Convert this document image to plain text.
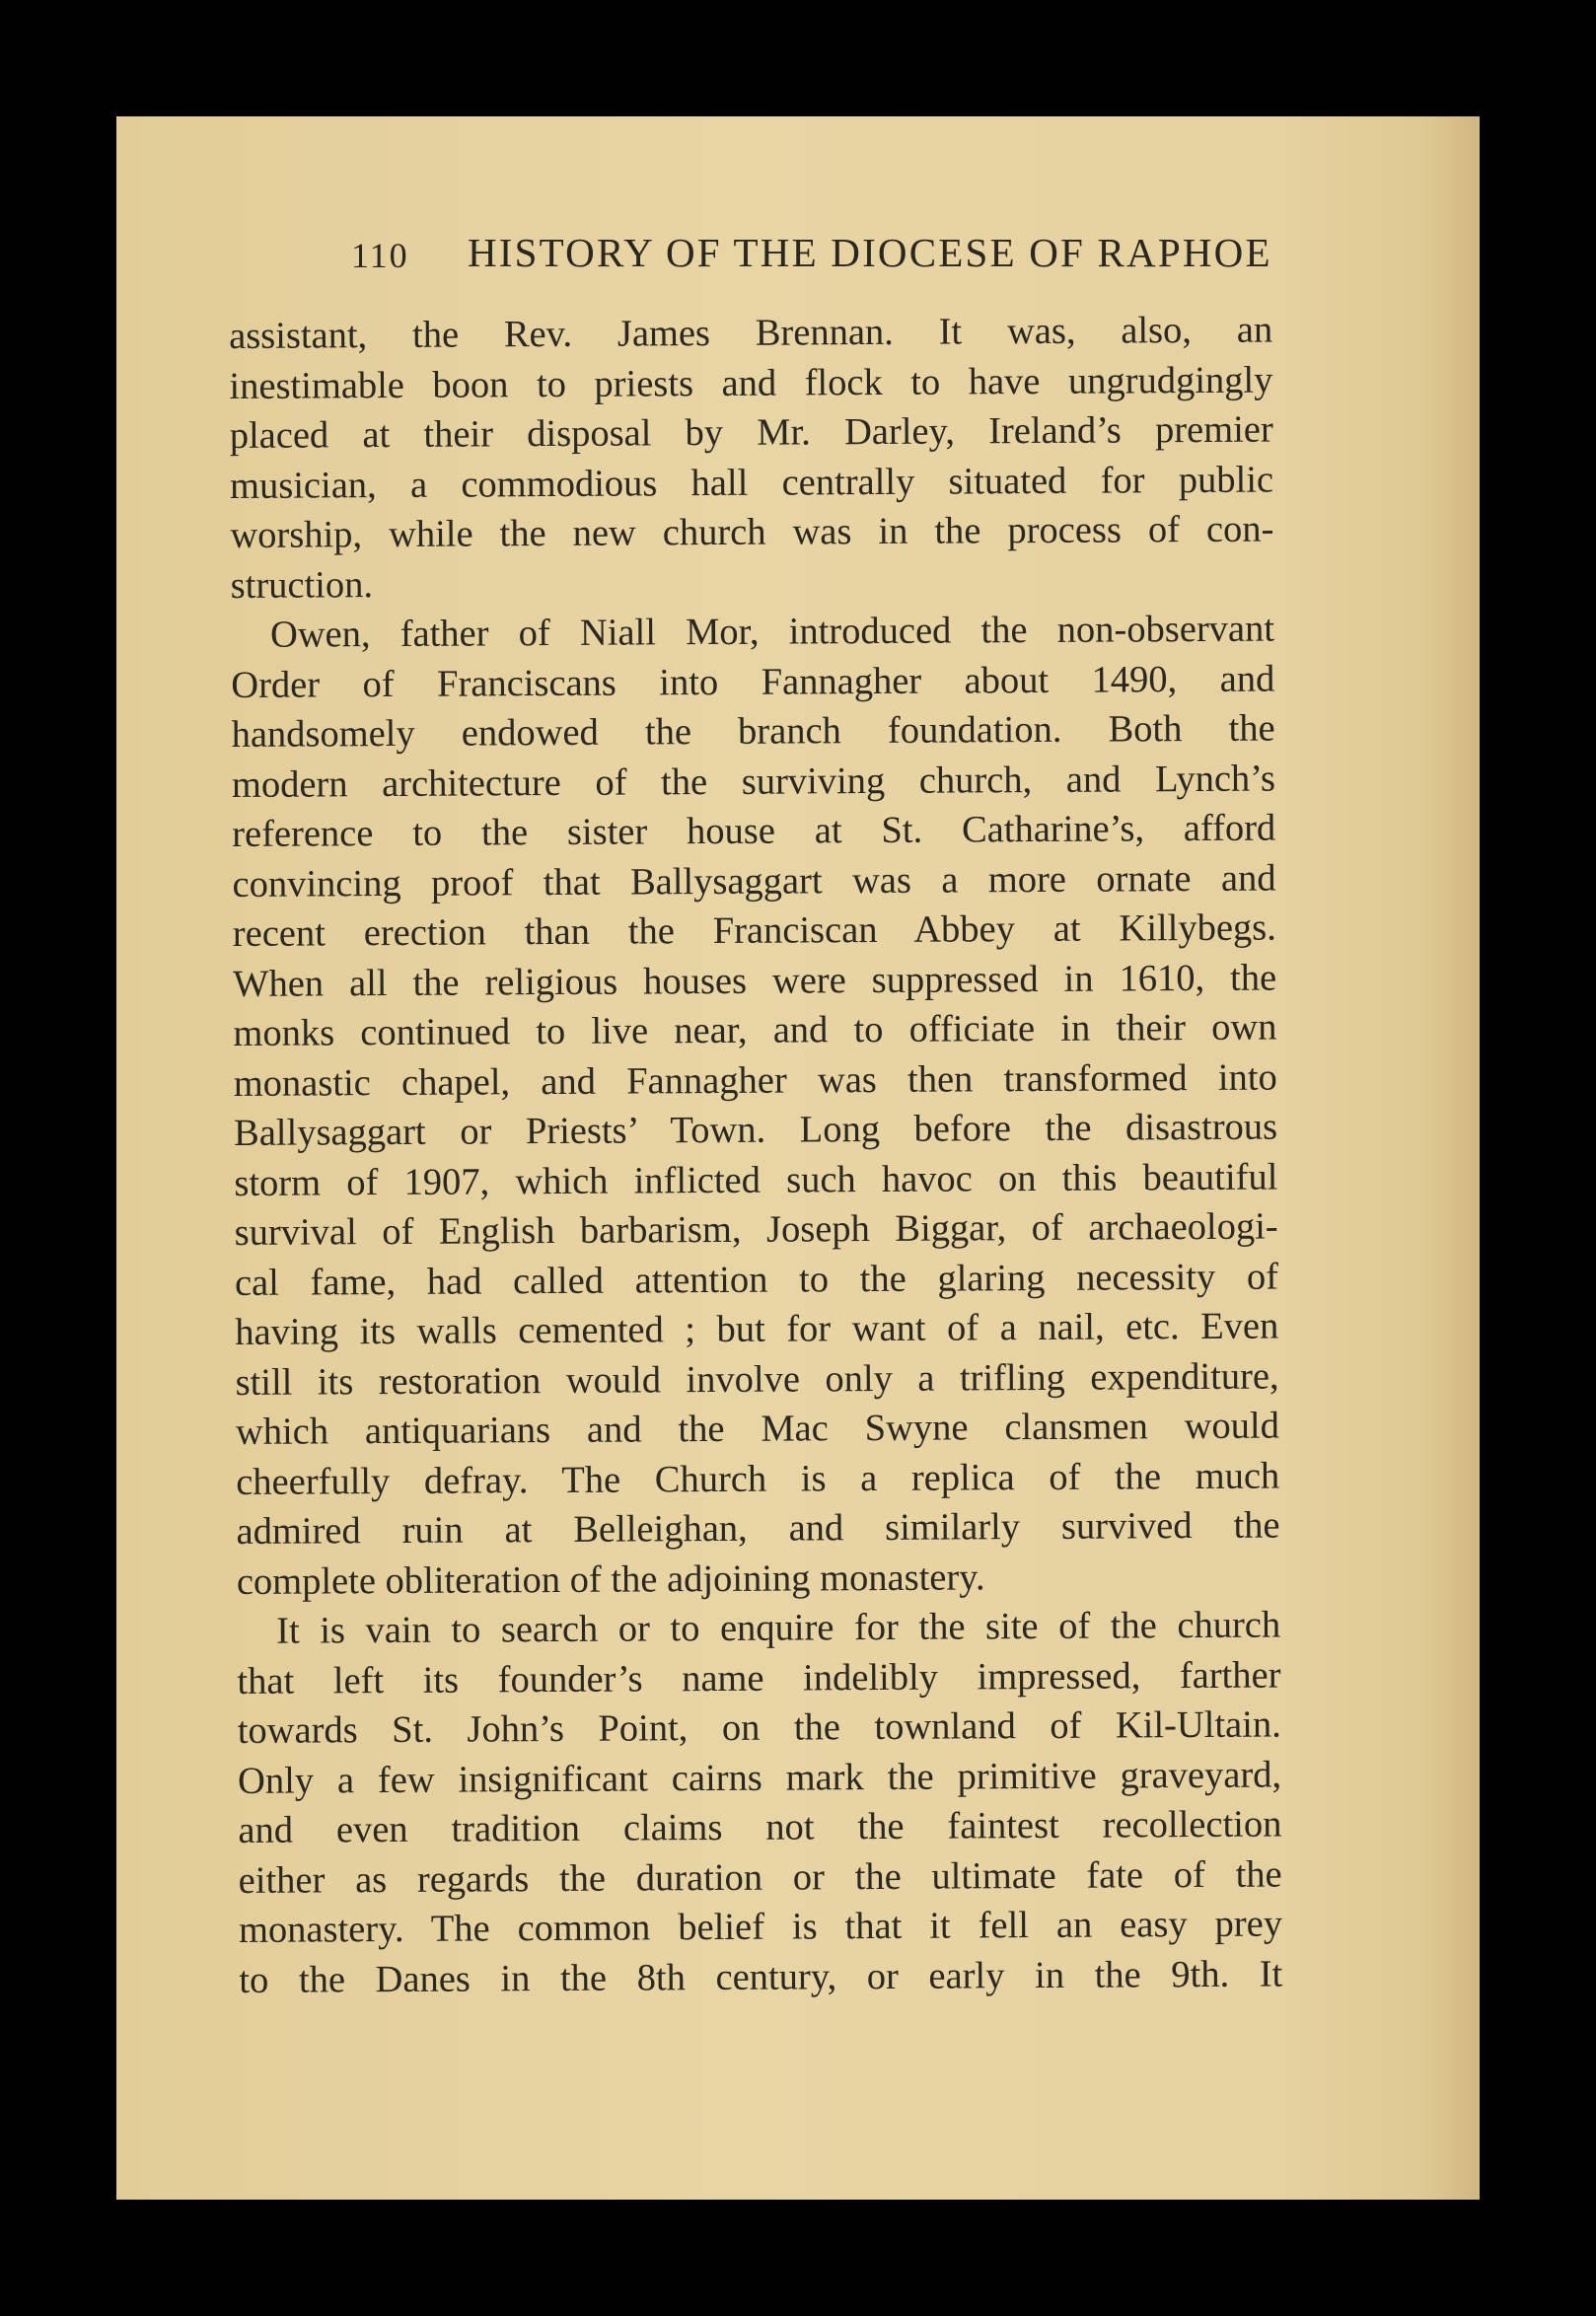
110 HISTORY OF THE DIOCESE OF RAPHOE
assistant, the Rev. James Brennan. It was, also, an
inestimable boon to priests and flock to have ungrudgingly
placed at their disposal by Mr. Darley, Ireland’s premier
musician, a commodious hall centrally situated for public
worship, while the new church was in the process of con-
struction.
Owen, father of Niall Mor, introduced the non-observant
Order of Franciscans into Fannagher about 1490, and
handsomely endowed the branch foundation. Both the
modern architecture of the surviving church, and Lynch’s
reference to the sister house at St. Catharine’s, afford
convincing proof that Ballysaggart was a more ornate and
recent erection than the Franciscan Abbey at Killybegs.
When all the religious houses were suppressed in 1610, the
monks continued to live near, and to officiate in their own
monastic chapel, and Fannagher was then transformed into
Ballysaggart or Priests’ Town. Long before the disastrous
storm of 1907, which inflicted such havoc on this beautiful
survival of English barbarism, Joseph Biggar, of archaeologi-
cal fame, had called attention to the glaring necessity of
having its walls cemented ; but for want of a nail, etc. Even
still its restoration would involve only a trifling expenditure,
which antiquarians and the Mac Swyne clansmen would
cheerfully defray. The Church is a replica of the much
admired ruin at Belleighan, and similarly survived the
complete obliteration of the adjoining monastery.
It is vain to search or to enquire for the site of the church
that left its founder’s name indelibly impressed, farther
towards St. John’s Point, on the townland of Kil-Ultain.
Only a few insignificant cairns mark the primitive graveyard,
and even tradition claims not the faintest recollection
either as regards the duration or the ultimate fate of the
monastery. The common belief is that it fell an easy prey
to the Danes in the 8th century, or early in the 9th. It
